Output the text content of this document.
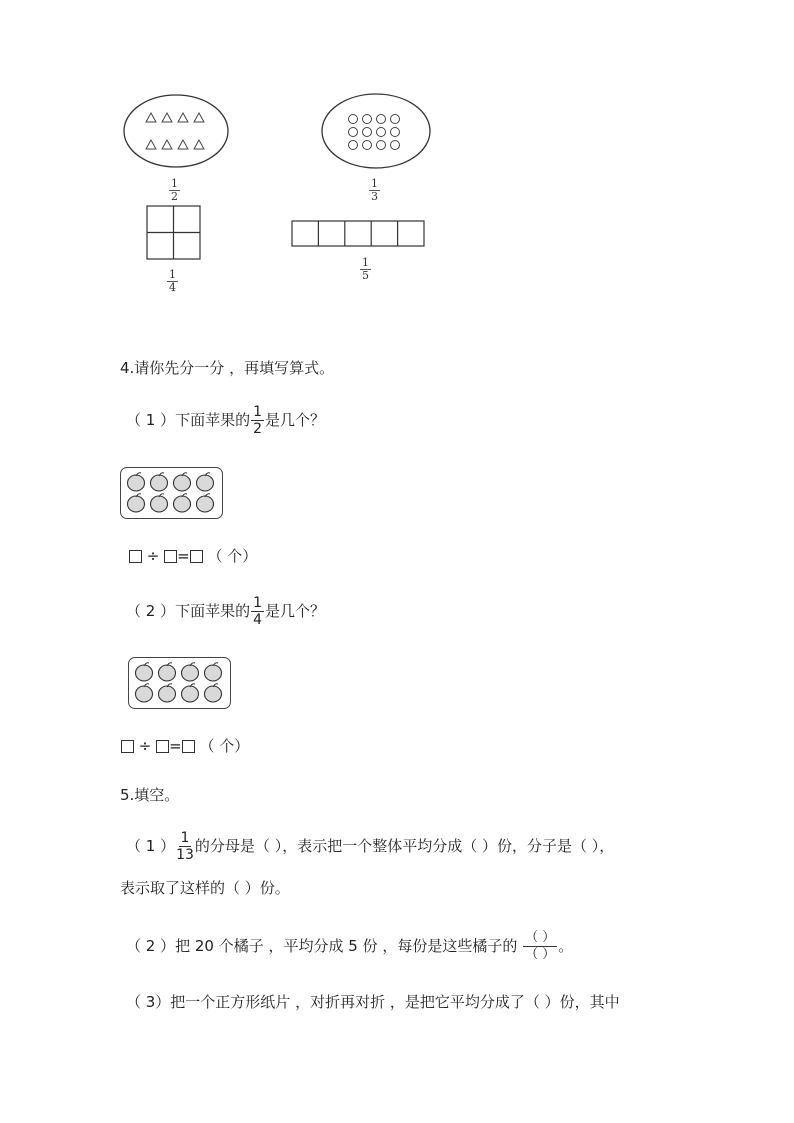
$\frac{1}{2}$	$\frac{1}{3}$
$\frac{1}{4}$	$\frac{1}{5}$
4.请你先分一分 ，再填写算式。
（ 1 ）下面苹果的 $\frac{1}{2}$ 是几个？
÷ = （ 个）
（ 2 ）下面苹果的 $\frac{1}{4}$ 是几个？
÷ = （ 个）
5.填空。
（ 1 ） $\frac{1}{13}$ 的分母是（ ），表示把一个整体平均分成（ ）份，分子是（ ），
表示取了这样的（ ）份。
（ 2 ）把 20 个橘子 ，平均分成 5 份 ，每份是这些橘子的 $\frac{( )}{( )}$ 。
（ 3）把一个正方形纸片 ，对折再对折 ，是把它平均分成了（ ）份，其中
